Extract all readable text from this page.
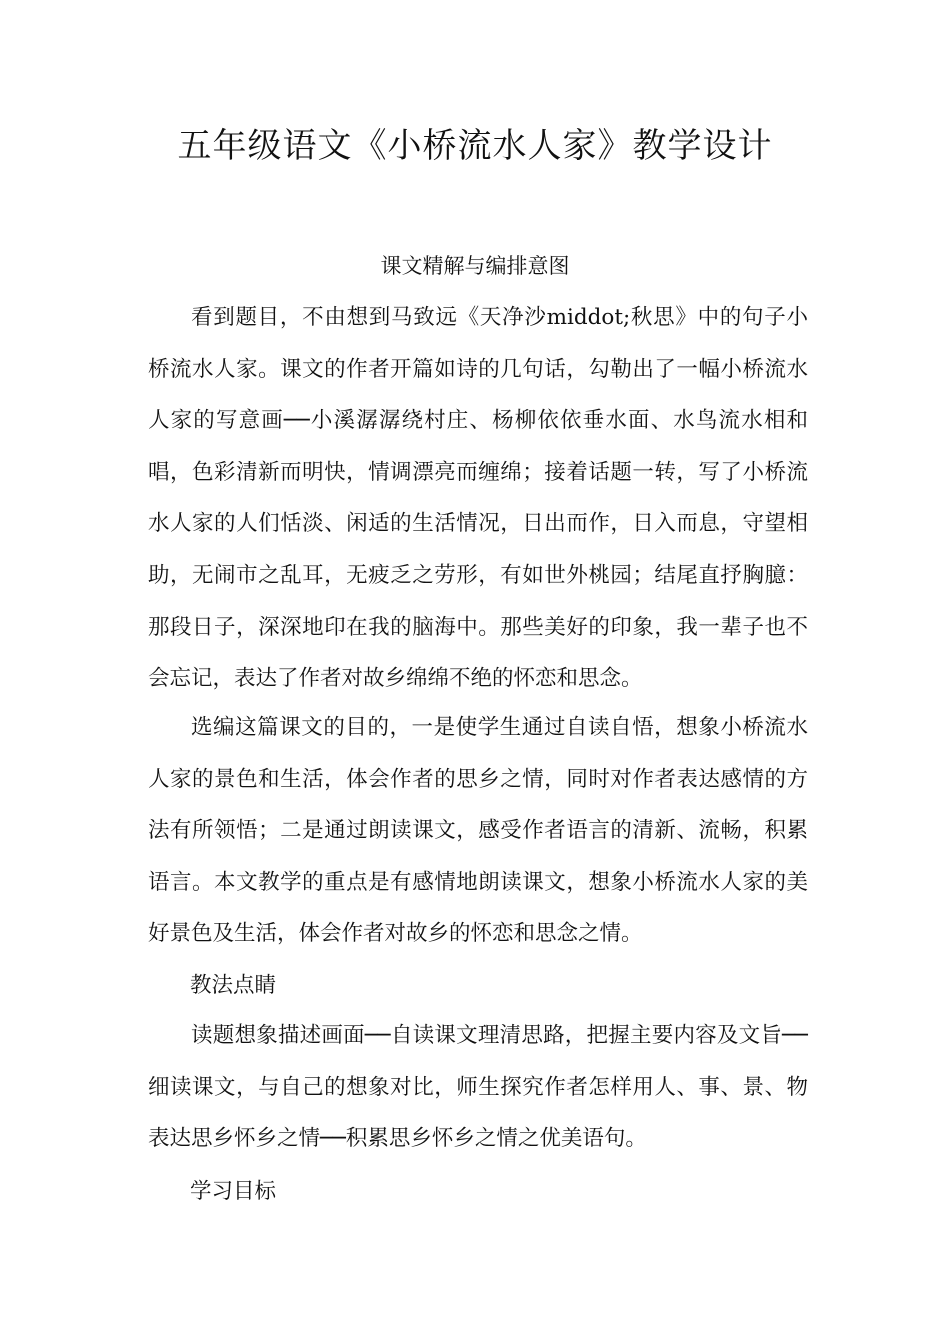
五年级语文《小桥流水人家》教学设计
课文精解与编排意图
看到题目，不由想到马致远《天净沙middot;秋思》中的句子小桥流水人家。课文的作者开篇如诗的几句话，勾勒出了一幅小桥流水人家的写意画──小溪潺潺绕村庄、杨柳依依垂水面、水鸟流水相和唱，色彩清新而明快，情调漂亮而缠绵；接着话题一转，写了小桥流水人家的人们恬淡、闲适的生活情况，日出而作，日入而息，守望相助，无闹市之乱耳，无疲乏之劳形，有如世外桃园；结尾直抒胸臆：那段日子，深深地印在我的脑海中。那些美好的印象，我一辈子也不会忘记，表达了作者对故乡绵绵不绝的怀恋和思念。
选编这篇课文的目的，一是使学生通过自读自悟，想象小桥流水人家的景色和生活，体会作者的思乡之情，同时对作者表达感情的方法有所领悟；二是通过朗读课文，感受作者语言的清新、流畅，积累语言。本文教学的重点是有感情地朗读课文，想象小桥流水人家的美好景色及生活，体会作者对故乡的怀恋和思念之情。
教法点睛
读题想象描述画面──自读课文理清思路，把握主要内容及文旨──细读课文，与自己的想象对比，师生探究作者怎样用人、事、景、物表达思乡怀乡之情──积累思乡怀乡之情之优美语句。
学习目标
